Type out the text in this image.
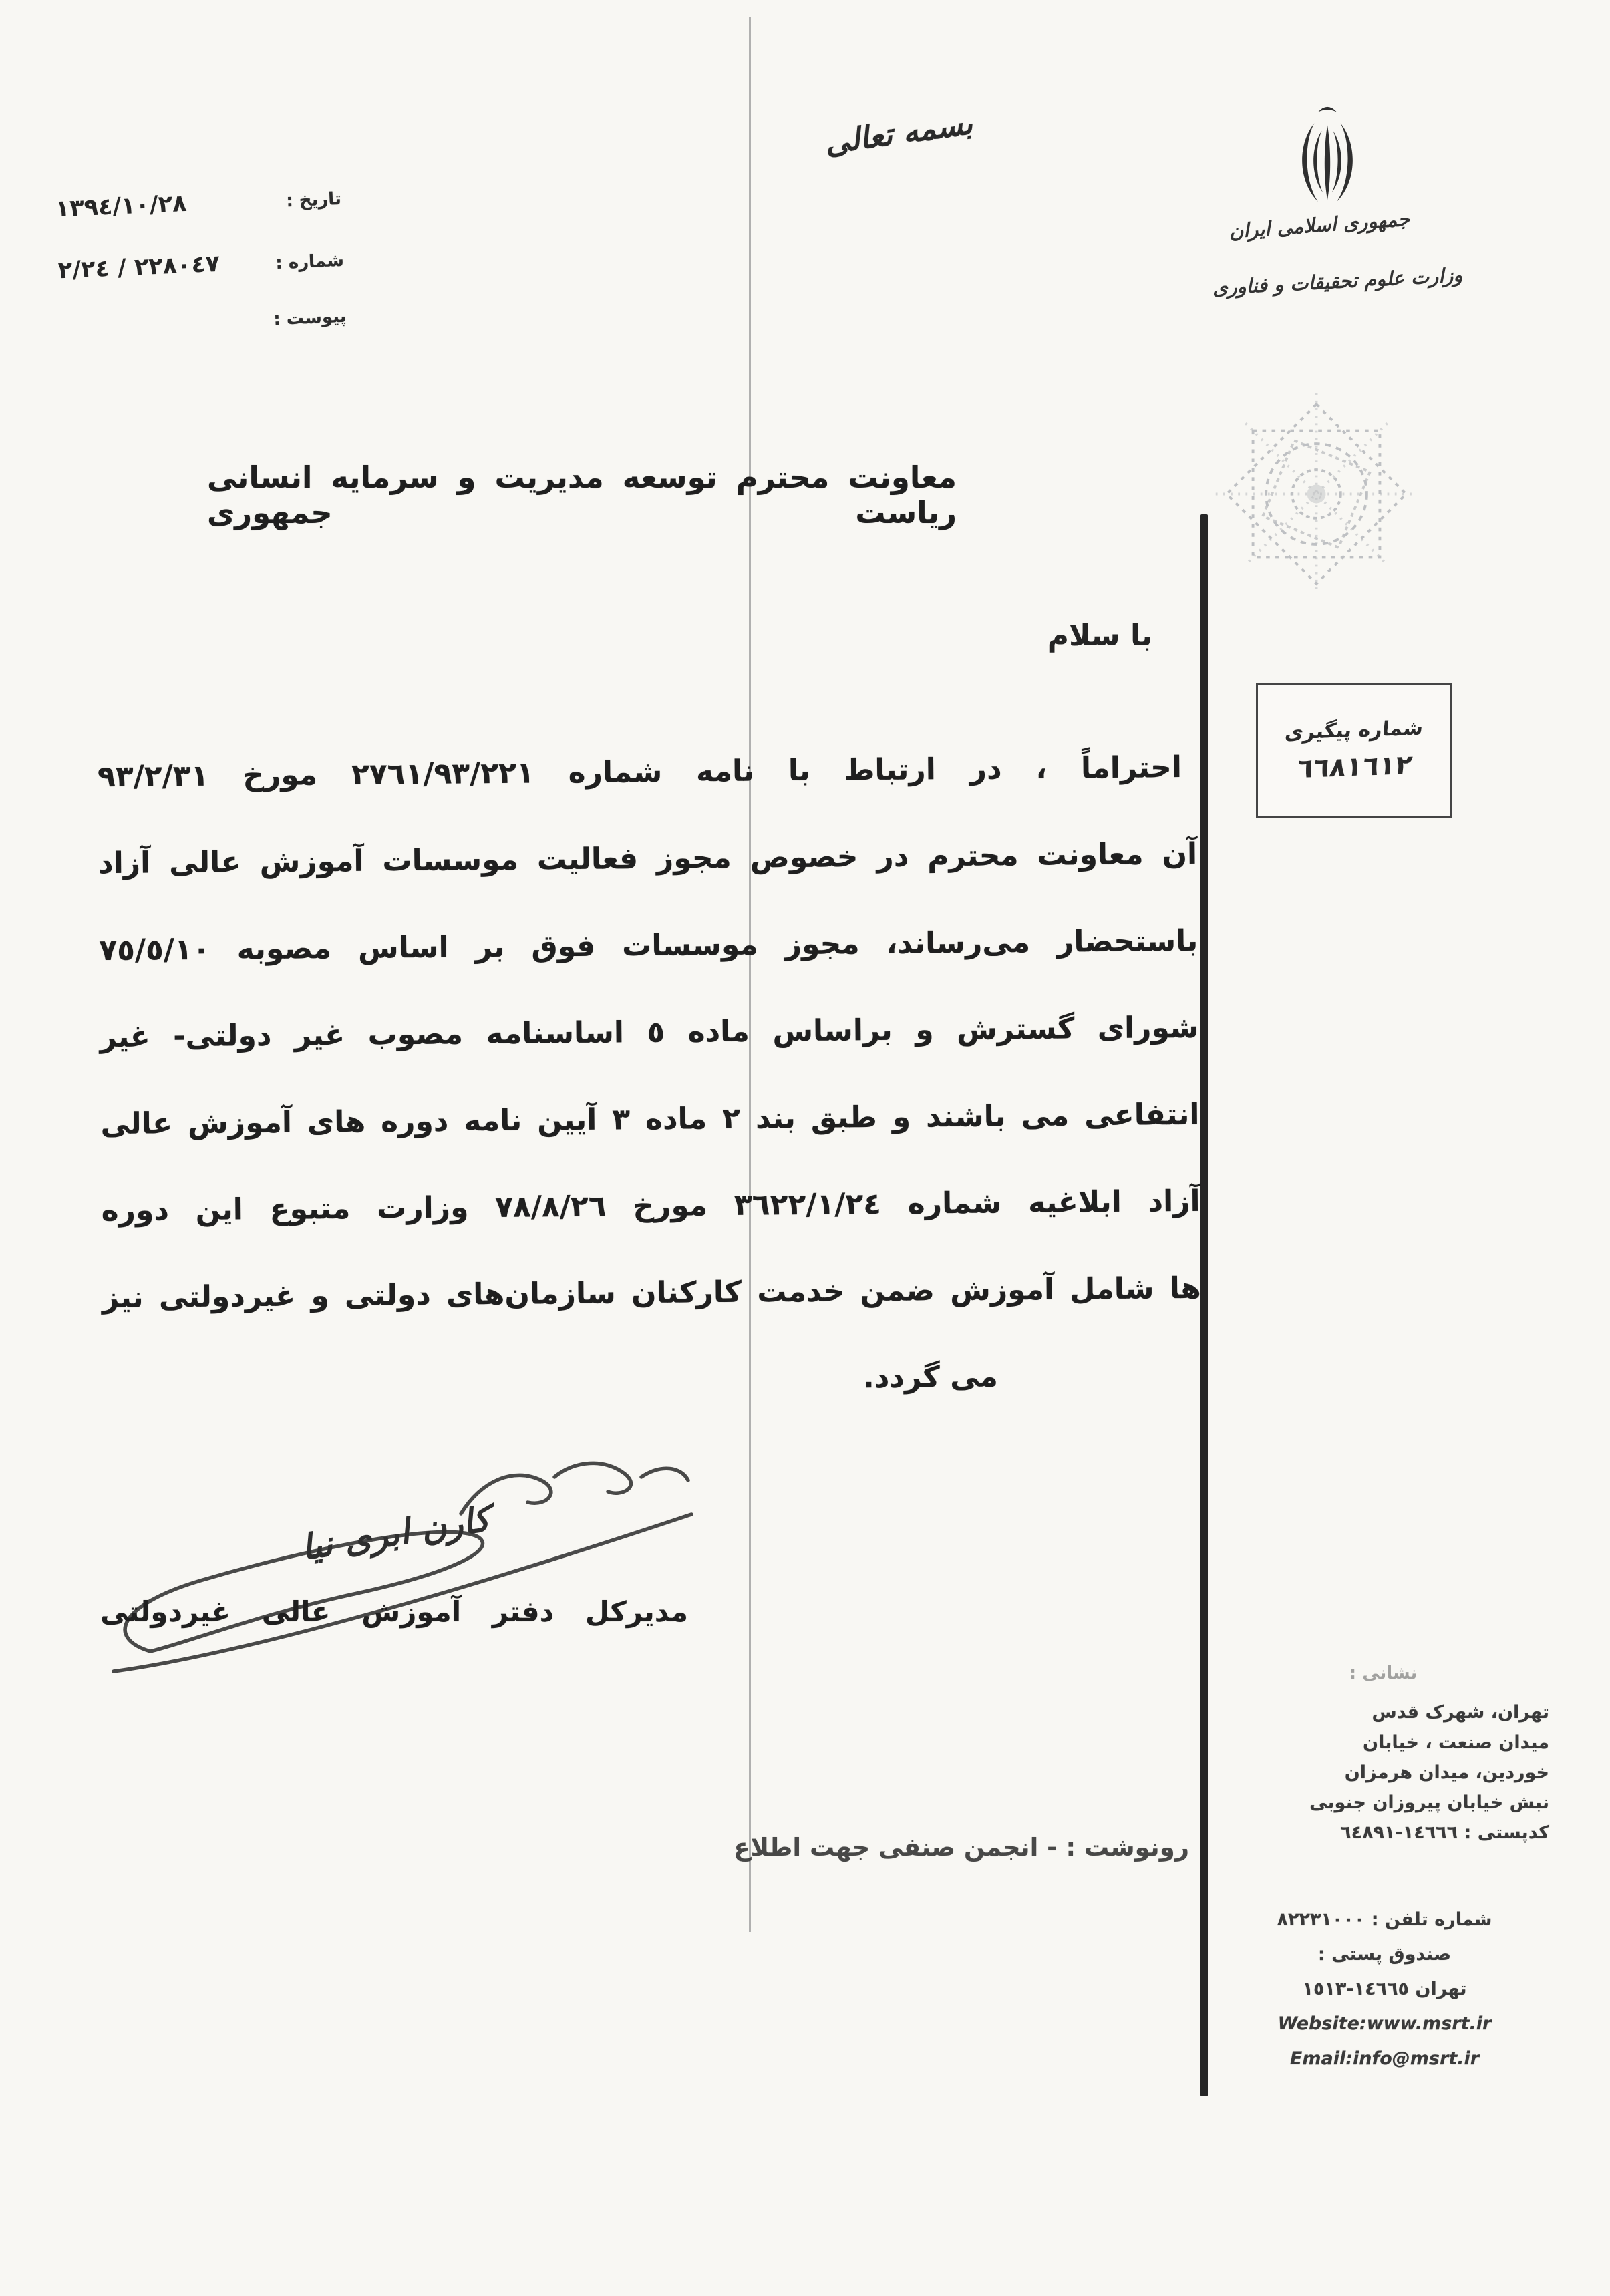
بسمه تعالی
جمهوری اسلامی ایران
وزارت علوم تحقیقات و فناوری
تاریخ :
١٣٩٤/١٠/٢٨
شماره :
٢٢٨٠٤٧ / ٢/٢٤
پیوست :
شماره پیگیری
٦٦٨١٦١٢
معاونت محترم توسعه مدیریت و سرمایه انسانی ریاست جمهوری
با سلام
احتراماً ، در ارتباط با نامه شماره ٢٧٦١/٩٣/٢٢١ مورخ ٩٣/٢/٣١
آن معاونت محترم در خصوص مجوز فعالیت موسسات آموزش عالی آزاد
باستحضار می‌رساند، مجوز موسسات فوق بر اساس مصوبه ٧٥/٥/١٠
شورای گسترش و براساس ماده ٥ اساسنامه مصوب غیر دولتی- غیر
انتفاعی می باشند و طبق بند ٢ ماده ٣ آیین نامه دوره های آموزش عالی
آزاد ابلاغیه شماره ٣٦٢٢/١/٢٤ مورخ ٧٨/٨/٢٦ وزارت متبوع این دوره
ها شامل آموزش ضمن خدمت کارکنان سازمان‌های دولتی و غیردولتی نیز
می گردد.
کارن ابری نیا
مدیرکل دفتر آموزش عالی غیردولتی
رونوشت : - انجمن صنفی جهت اطلاع
نشانی :
تهران، شهرک قدس
میدان صنعت ، خیابان
خوردین، میدان هرمزان
نبش خیابان پیروزان جنوبی
کدپستی : ١٤٦٦٦-٦٤٨٩١
شماره تلفن : ٨٢٢٣١٠٠٠
صندوق پستی :
تهران ١٤٦٦٥-١٥١٣
Website:www.msrt.ir
Email:info@msrt.ir
